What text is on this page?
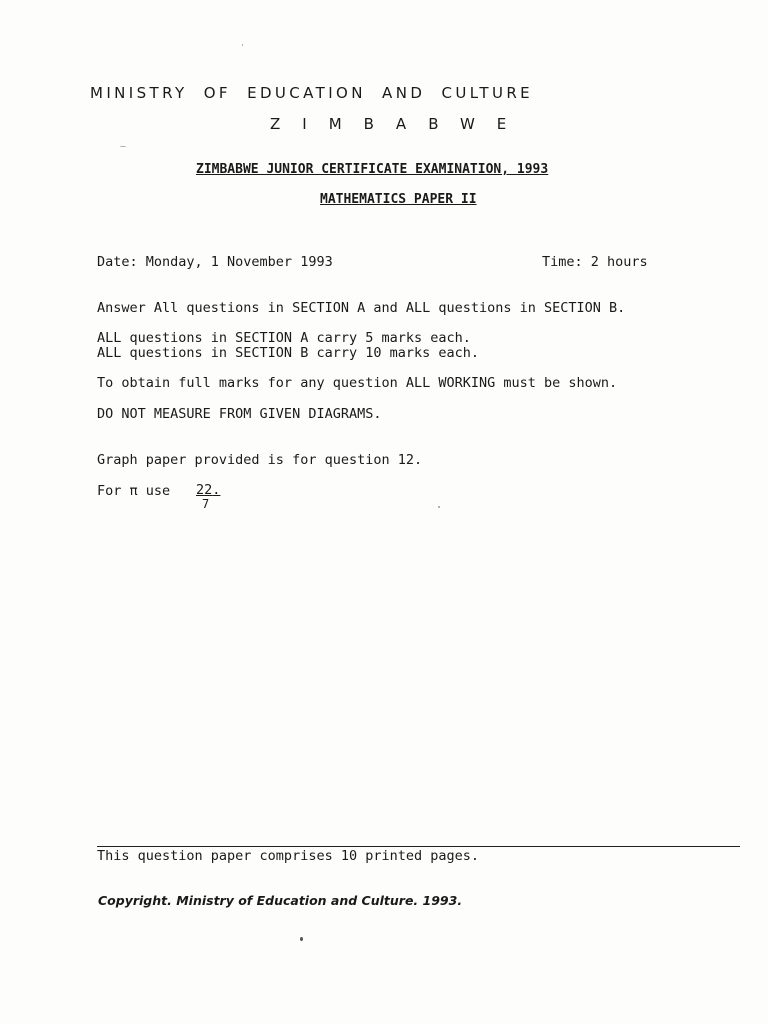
MINISTRY OF EDUCATION AND CULTURE
ZIMBABWE
ZIMBABWE JUNIOR CERTIFICATE EXAMINATION, 1993
MATHEMATICS PAPER II
Date: Monday, 1 November 1993	Time: 2 hours
Answer All questions in SECTION A and ALL questions in SECTION B.
ALL questions in SECTION A carry 5 marks each.
ALL questions in SECTION B carry 10 marks each.
To obtain full marks for any question ALL WORKING must be shown.
DO NOT MEASURE FROM GIVEN DIAGRAMS.
Graph paper provided is for question 12.
For π use $\frac{22.}{7}$
This question paper comprises 10 printed pages.
Copyright. Ministry of Education and Culture. 1993.
